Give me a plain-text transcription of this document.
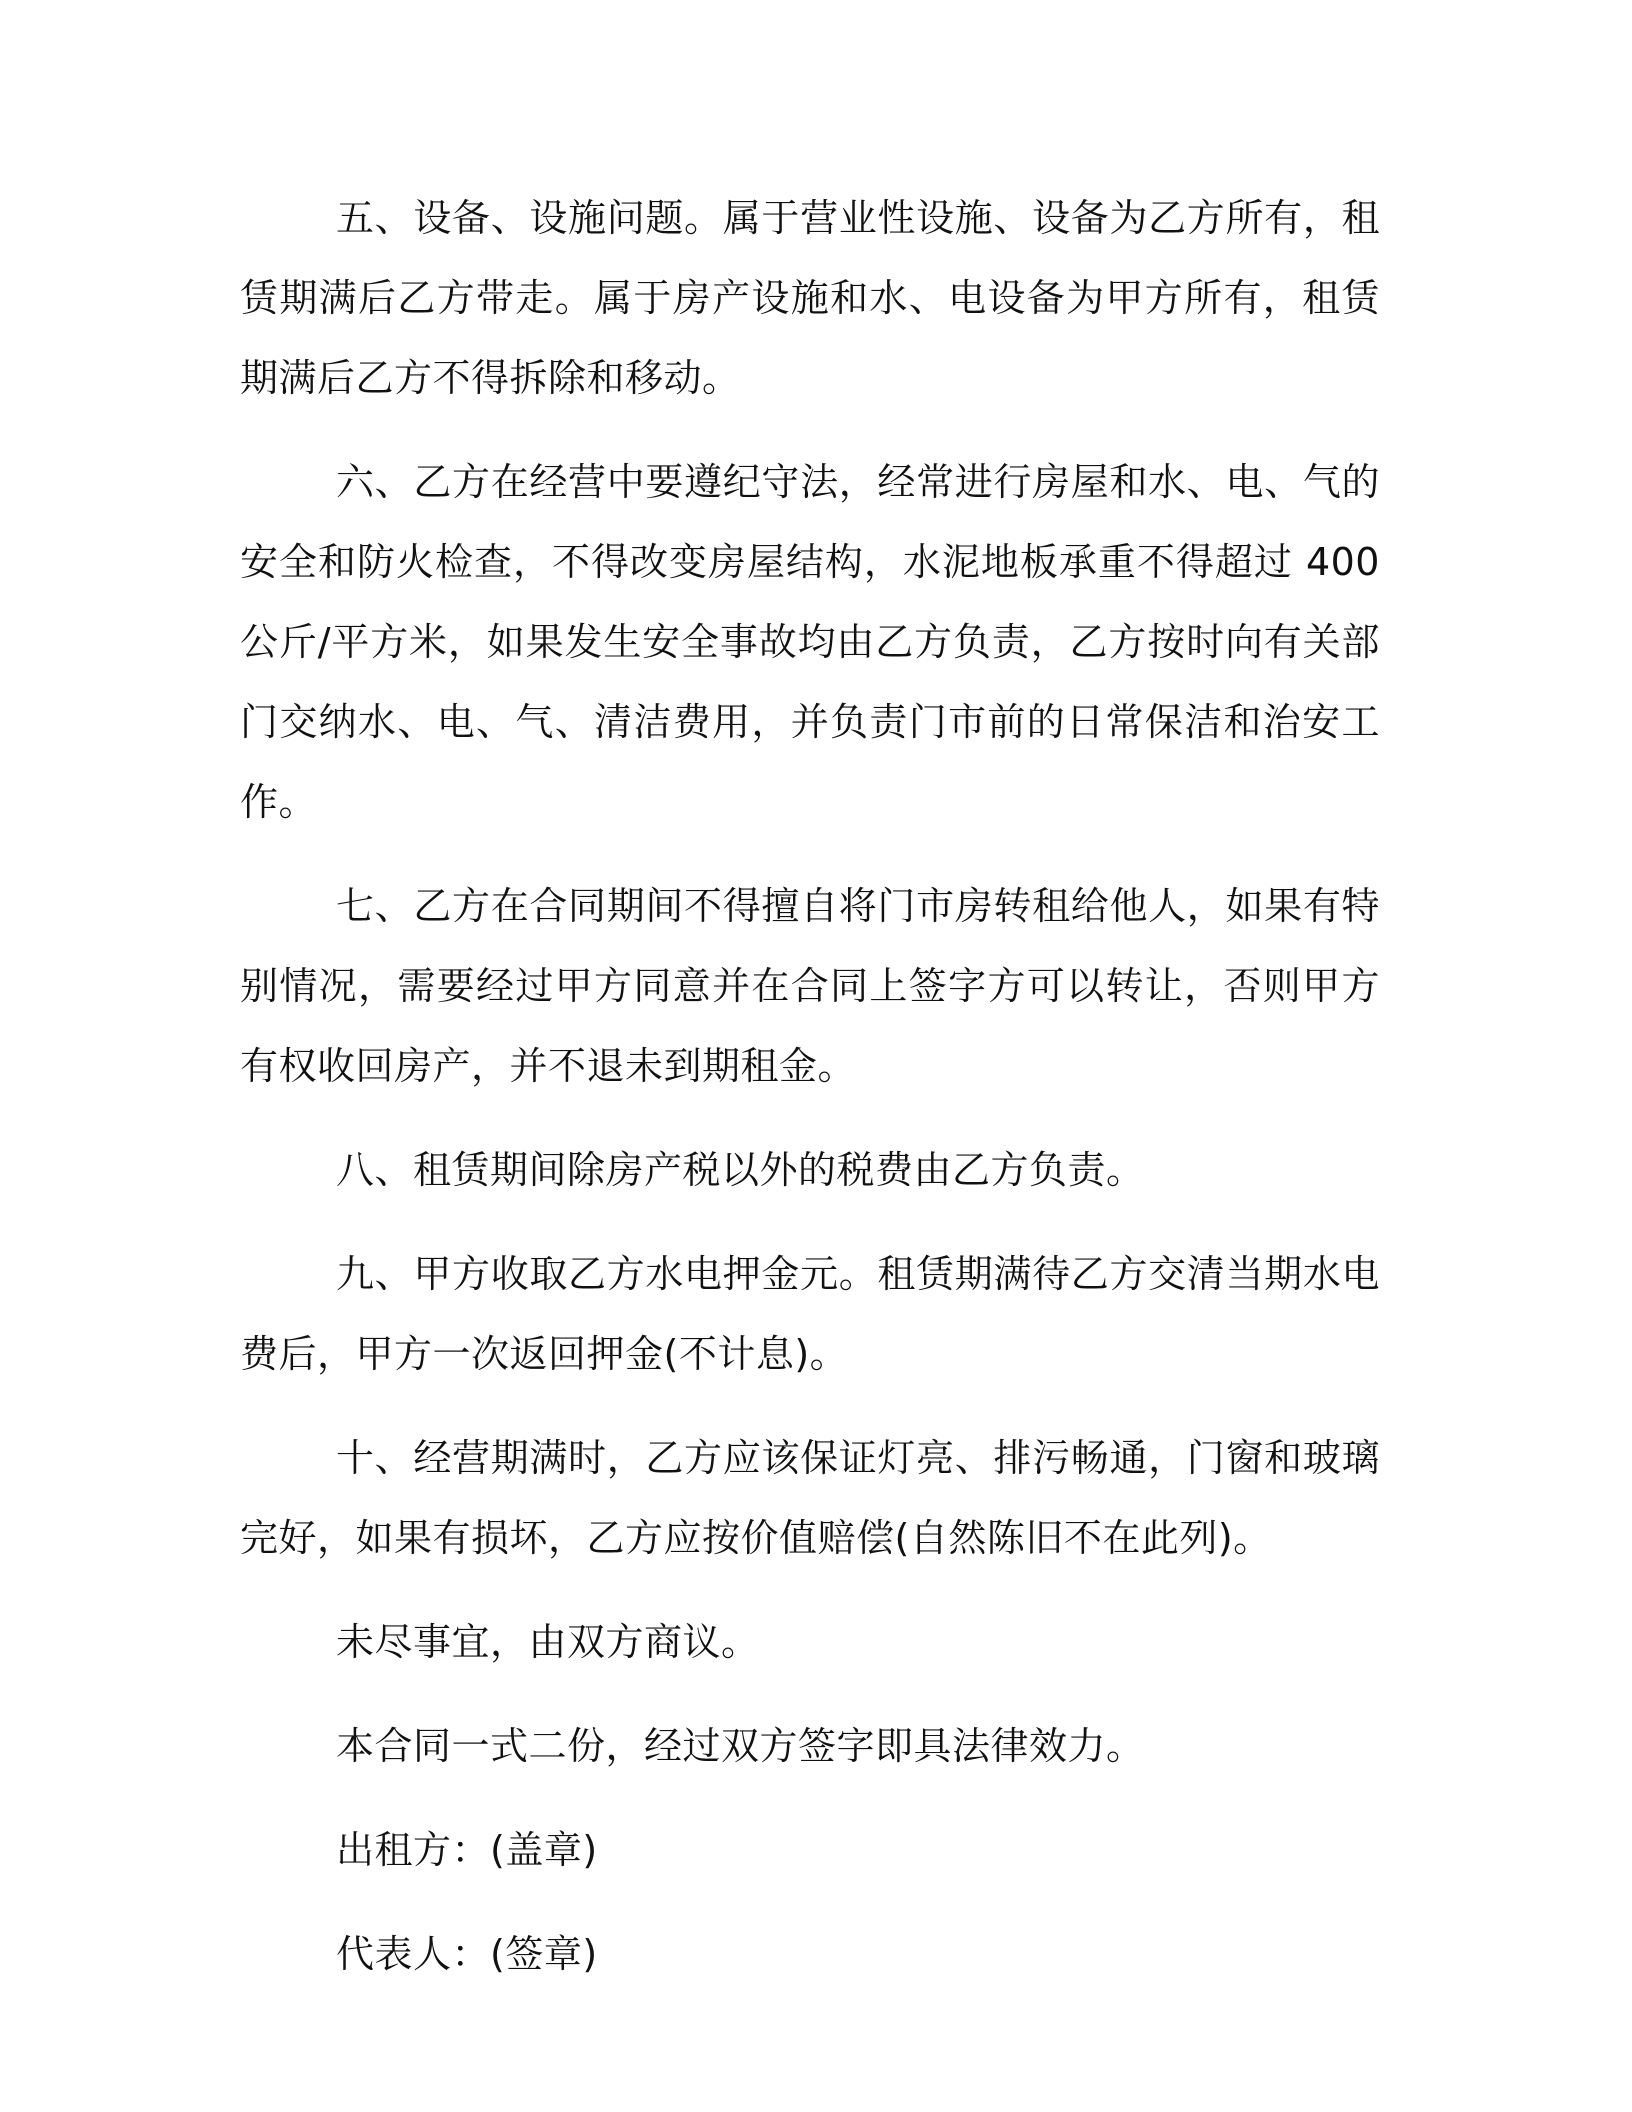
五、设备、设施问题。属于营业性设施、设备为乙方所有，租赁期满后乙方带走。属于房产设施和水、电设备为甲方所有，租赁期满后乙方不得拆除和移动。

六、乙方在经营中要遵纪守法，经常进行房屋和水、电、气的安全和防火检查，不得改变房屋结构，水泥地板承重不得超过 400 公斤/平方米，如果发生安全事故均由乙方负责，乙方按时向有关部门交纳水、电、气、清洁费用，并负责门市前的日常保洁和治安工作。

七、乙方在合同期间不得擅自将门市房转租给他人，如果有特别情况，需要经过甲方同意并在合同上签字方可以转让，否则甲方有权收回房产，并不退未到期租金。

八、租赁期间除房产税以外的税费由乙方负责。

九、甲方收取乙方水电押金元。租赁期满待乙方交清当期水电费后，甲方一次返回押金(不计息)。

十、经营期满时，乙方应该保证灯亮、排污畅通，门窗和玻璃完好，如果有损坏，乙方应按价值赔偿(自然陈旧不在此列)。

未尽事宜，由双方商议。

本合同一式二份，经过双方签字即具法律效力。

出租方：(盖章)

代表人：(签章)
